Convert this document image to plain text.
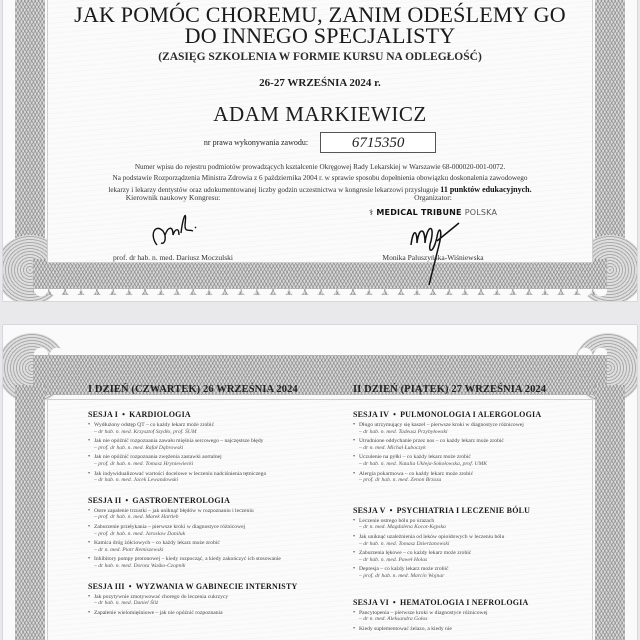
JAK POMÓC CHOREMU, ZANIM ODEŚLEMY GO
DO INNEGO SPECJALISTY
(ZASIĘG SZKOLENIA W FORMIE KURSU NA ODLEGŁOŚĆ)
26-27 WRZEŚNIA 2024 r.
ADAM MARKIEWICZ
nr prawa wykonywania zawodu:	6715350
Numer wpisu do rejestru podmiotów prowadzących kształcenie Okręgowej Rady Lekarskiej w Warszawie 68-000020-001-0072.
Na podstawie Rozporządzenia Ministra Zdrowia z 6 października 2004 r. w sprawie sposobu dopełnienia obowiązku doskonalenia zawodowego
lekarzy i lekarzy dentystów oraz udokumentowanej liczby godzin uczestnictwa w kongresie lekarzowi przysługuje 11 punktów edukacyjnych.
Kierownik naukowy Kongresu:
prof. dr hab. n. med. Dariusz Moczulski
Organizator:
⚕ MEDICAL TRIBUNE POLSKA
Monika Paluszyńska-Wiśniewska
I DZIEŃ (CZWARTEK) 26 WRZEŚNIA 2024
SESJA I • KARDIOLOGIA
• Wydłużony odstęp QT – co każdy lekarz może zrobić
– dr hab. n. med. Krzysztof Szydło, prof. ŚUM
• Jak nie opóźnić rozpoznania zawału mięśnia sercowego – najczęstsze błędy
– prof. dr hab. n. med. Rafał Dąbrowski
• Jak nie opóźnić rozpoznania zwężenia zastawki aortalnej
– prof. dr hab. n. med. Tomasz Hryniewiecki
• Jak indywidualizować wartości docelowe w leczeniu nadciśnienia tętniczego
– dr hab. n. med. Jacek Lewandowski
SESJA II • GASTROENTEROLOGIA
• Ostre zapalenie trzustki – jak uniknąć błędów w rozpoznaniu i leczeniu
– prof. dr hab. n. med. Marek Hartleb
• Zaburzenie przełykania – pierwsze kroki w diagnostyce różnicowej
– prof. dr hab. n. med. Jarosław Daniluk
• Kamica dróg żółciowych – co każdy lekarz może zrobić
– dr n. med. Piotr Remiszewski
• Inhibitory pompy protonowej – kiedy rozpocząć, a kiedy zakończyć ich stosowanie
– dr hab. n. med. Dorota Waśko-Czopnik
SESJA III • WYZWANIA W GABINECIE INTERNISTY
• Jak pozytywnie zmotywować chorego do leczenia cukrzycy
– dr hab. n. med. Daniel Śliż
• Zapalenie wielomięśniowe – jak nie opóźnić rozpoznania
II DZIEŃ (PIĄTEK) 27 WRZEŚNIA 2024
SESJA IV • PULMONOLOGIA I ALERGOLOGIA
• Długo utrzymujący się kaszel – pierwsze kroki w diagnostyce różnicowej
– dr hab. n. med. Tadeusz Przybyłowski
• Utrudnione oddychanie przez nos – co każdy lekarz może zrobić
– dr n. med. Michał Łuboczyk
• Uczulenie na pyłki – co każdy lekarz może zrobić
– dr hab. n. med. Natalia Ukleja-Sokołowska, prof. UMK
• Alergia pokarmowa – co każdy lekarz może zrobić
– prof. dr hab. n. med. Zenon Brzoza
SESJA V • PSYCHIATRIA I LECZENIE BÓLU
• Leczenie ostrego bólu po urazach
– dr n. med. Magdalena Kocot-Kępska
• Jak uniknąć uzależnienia od leków opioidowych w leczeniu bólu
– dr hab. n. med. Tomasz Dzierżanowski
• Zaburzenia lękowe – co każdy lekarz może zrobić
– dr hab. n. med. Paweł Holas
• Depresja – co każdy lekarz może zrobić
– prof. dr hab. n. med. Marcin Wojnar
SESJA VI • HEMATOLOGIA I NEFROLOGIA
• Pancytopenia – pierwsze kroki w diagnostyce różnicowej
– dr n. med. Aleksandra Gołos
• Kiedy suplementować żelazo, a kiedy nie
